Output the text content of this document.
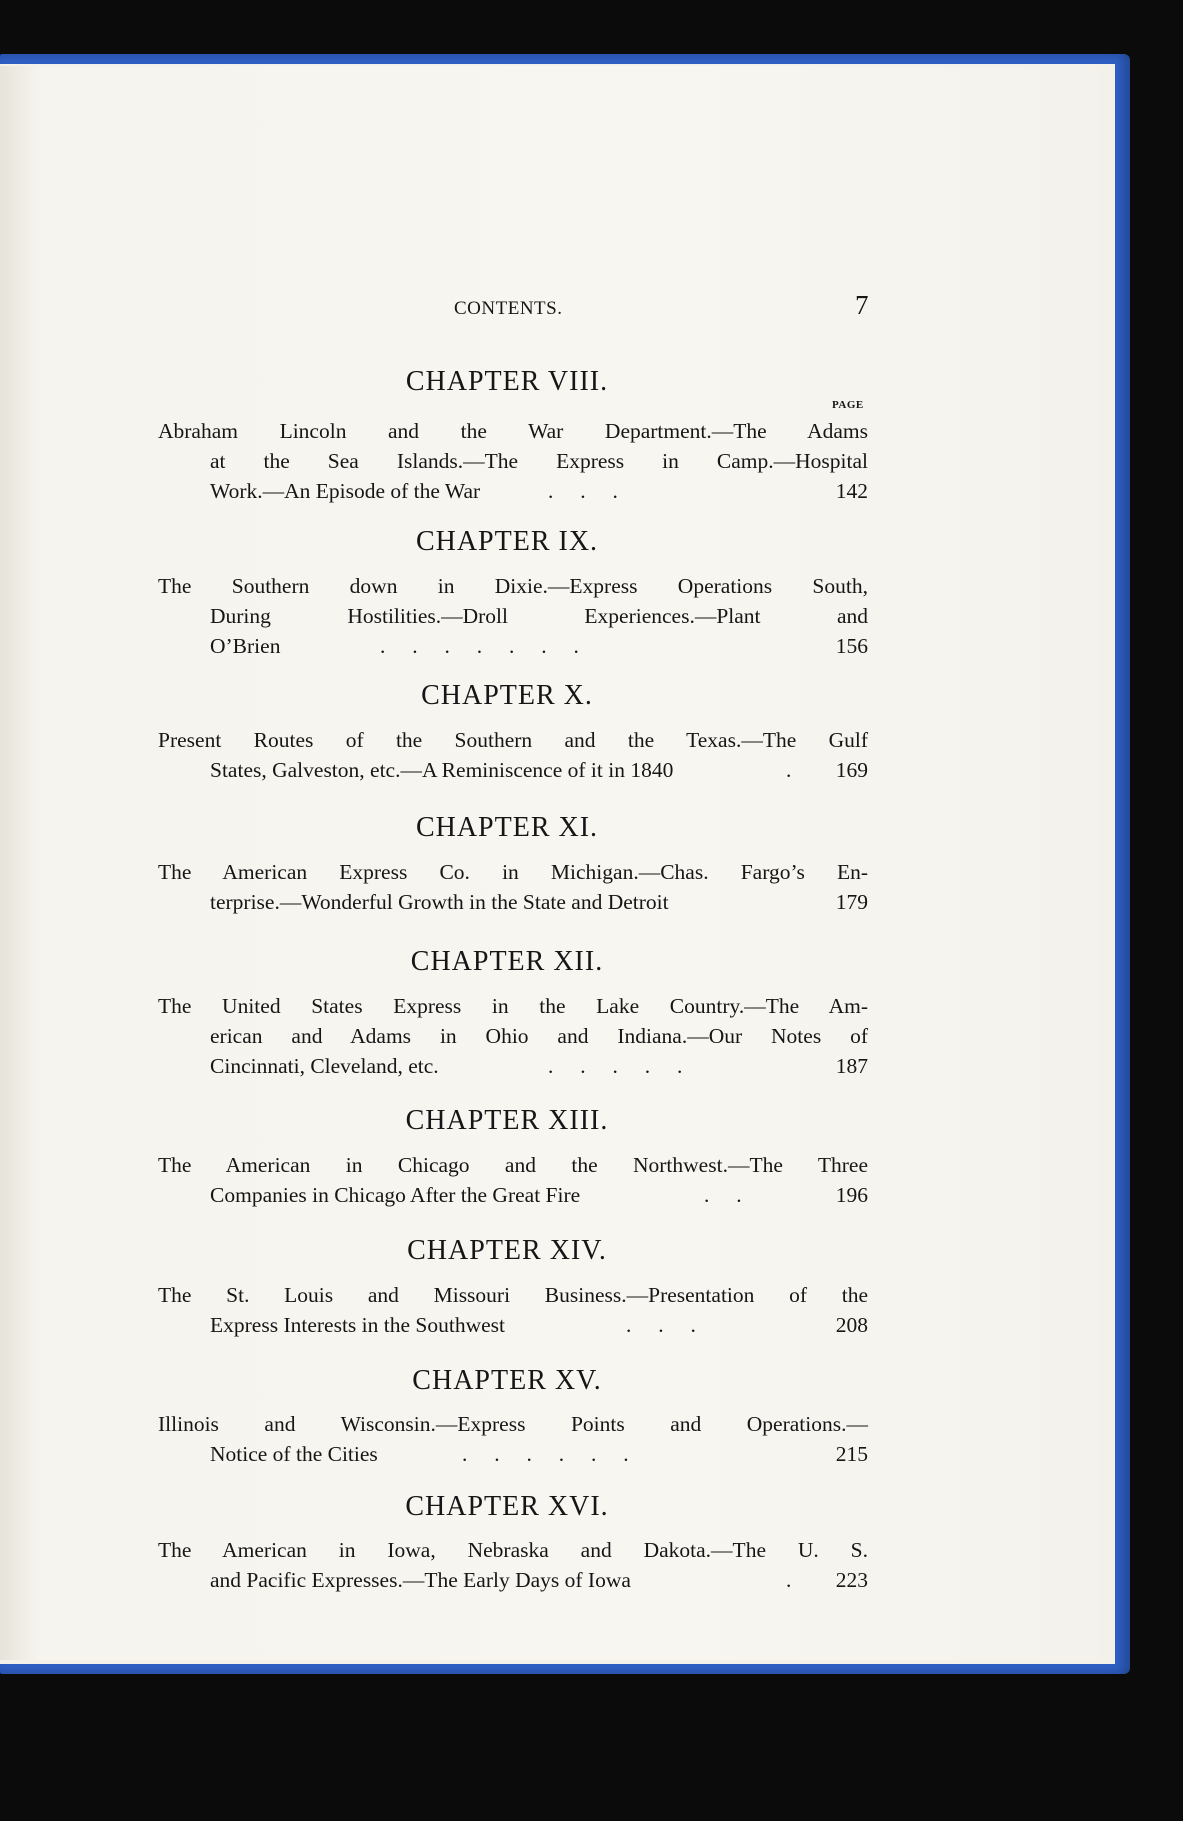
CONTENTS.	7
PAGE
CHAPTER VIII.
Abraham Lincoln and the War Department.—The Adams
at the Sea Islands.—The Express in Camp.—Hospital
Work.—An Episode of the War	.     .     .	142
CHAPTER IX.
The Southern down in Dixie.—Express Operations South,
During Hostilities.—Droll Experiences.—Plant and
O’Brien	.     .     .     .     .     .     .	156
CHAPTER X.
Present Routes of the Southern and the Texas.—The Gulf
States, Galveston, etc.—A Reminiscence of it in 1840	.	169
CHAPTER XI.
The American Express Co. in Michigan.—Chas. Fargo’s En-
terprise.—Wonderful Growth in the State and Detroit	179
CHAPTER XII.
The United States Express in the Lake Country.—The Am-
erican and Adams in Ohio and Indiana.—Our Notes of
Cincinnati, Cleveland, etc.	.     .     .     .     .	187
CHAPTER XIII.
The American in Chicago and the Northwest.—The Three
Companies in Chicago After the Great Fire	.     .	196
CHAPTER XIV.
The St. Louis and Missouri Business.—Presentation of the
Express Interests in the Southwest	.     .     .	208
CHAPTER XV.
Illinois and Wisconsin.—Express Points and Operations.—
Notice of the Cities	.     .     .     .     .     .	215
CHAPTER XVI.
The American in Iowa, Nebraska and Dakota.—The U. S.
and Pacific Expresses.—The Early Days of Iowa	.	223
